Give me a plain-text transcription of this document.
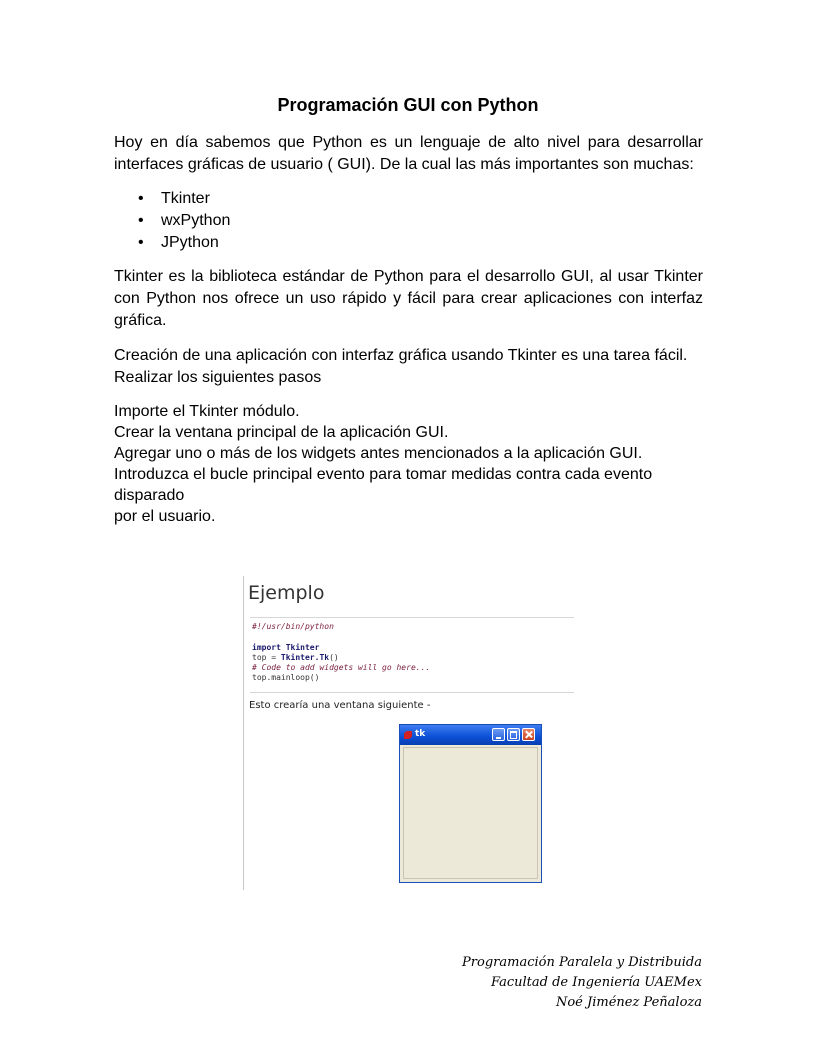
Programación GUI con Python

Hoy en día sabemos que Python es un lenguaje de alto nivel para desarrollar interfaces gráficas de usuario ( GUI). De la cual las más importantes son muchas:

• Tkinter
• wxPython
• JPython

Tkinter es la biblioteca estándar de Python para el desarrollo GUI, al usar Tkinter con Python nos ofrece un uso rápido y fácil para crear aplicaciones con interfaz gráfica.

Creación de una aplicación con interfaz gráfica usando Tkinter es una tarea fácil. Realizar los siguientes pasos

Importe el Tkinter módulo.
Crear la ventana principal de la aplicación GUI.
Agregar uno o más de los widgets antes mencionados a la aplicación GUI.
Introduzca el bucle principal evento para tomar medidas contra cada evento
disparado
por el usuario.
Ejemplo
#!/usr/bin/python
import Tkinter
top = Tkinter.Tk()
# Code to add widgets will go here...
top.mainloop()
Esto crearía una ventana siguiente -
tk
Programación Paralela y Distribuida
Facultad de Ingeniería UAEMex
Noé Jiménez Peñaloza
